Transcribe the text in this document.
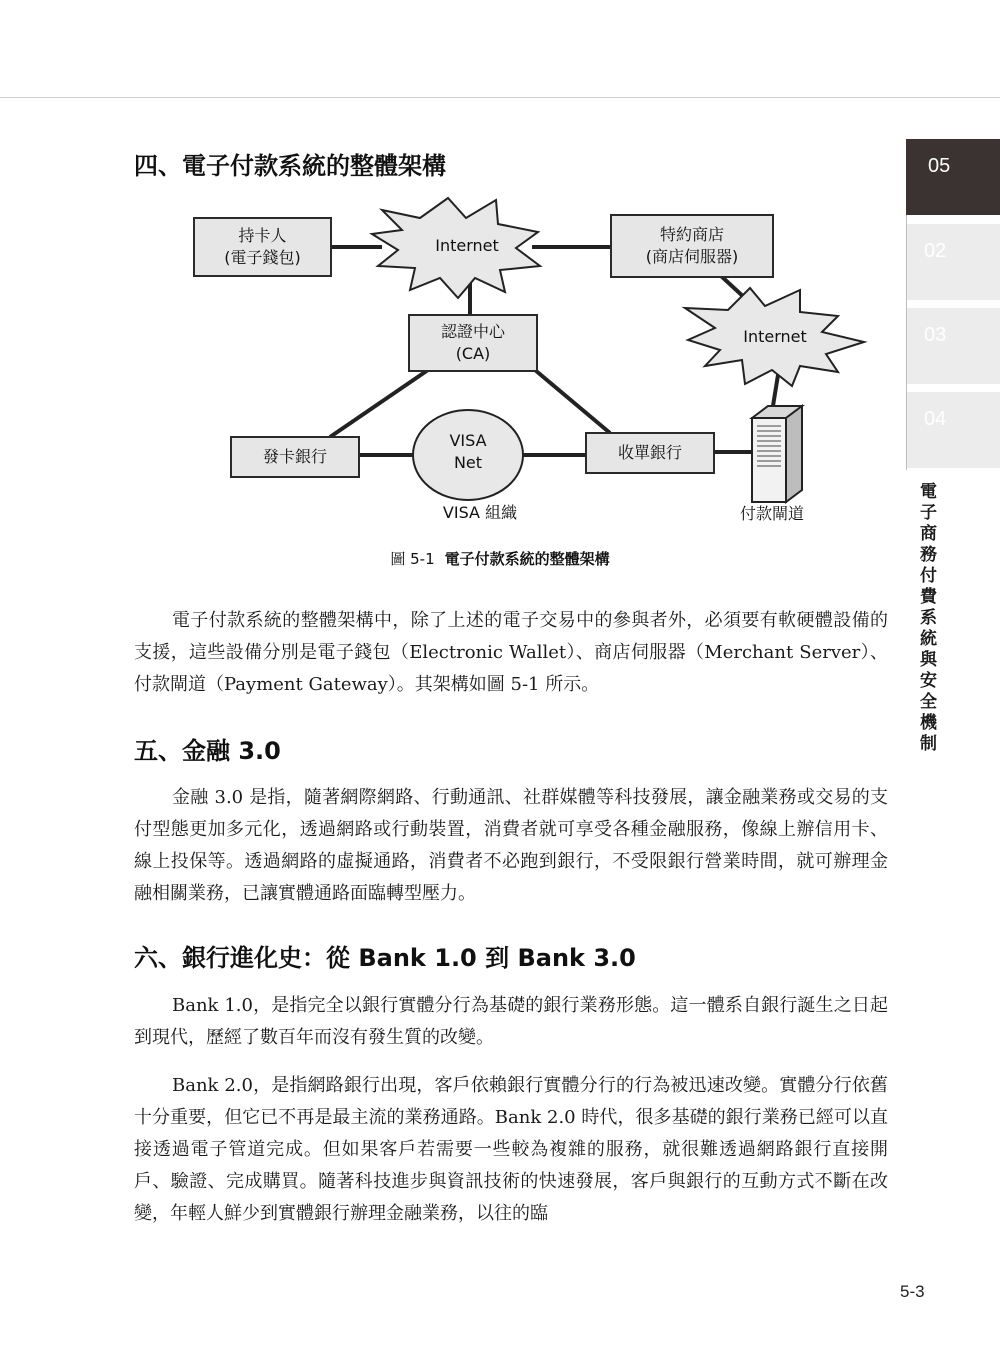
05
02
03
04
電子商務付費系統與安全機制
四、電子付款系統的整體架構
持卡人
(電子錢包)
Internet
特約商店
(商店伺服器)
Internet
認證中心
(CA)
發卡銀行
VISA
Net
收單銀行
VISA 組織	付款閘道
圖 5-1 電子付款系統的整體架構

電子付款系統的整體架構中，除了上述的電子交易中的參與者外，必須要有軟硬體設備的支援，這些設備分別是電子錢包（Electronic Wallet）、商店伺服器（Merchant Server）、付款閘道（Payment Gateway）。其架構如圖 5-1 所示。

五、金融 3.0

金融 3.0 是指，隨著網際網路、行動通訊、社群媒體等科技發展，讓金融業務或交易的支付型態更加多元化，透過網路或行動裝置，消費者就可享受各種金融服務，像線上辦信用卡、線上投保等。透過網路的虛擬通路，消費者不必跑到銀行，不受限銀行營業時間，就可辦理金融相關業務，已讓實體通路面臨轉型壓力。

六、銀行進化史：從 Bank 1.0 到 Bank 3.0

Bank 1.0，是指完全以銀行實體分行為基礎的銀行業務形態。這一體系自銀行誕生之日起到現代，歷經了數百年而沒有發生質的改變。

Bank 2.0，是指網路銀行出現，客戶依賴銀行實體分行的行為被迅速改變。實體分行依舊十分重要，但它已不再是最主流的業務通路。Bank 2.0 時代，很多基礎的銀行業務已經可以直接透過電子管道完成。但如果客戶若需要一些較為複雜的服務，就很難透過網路銀行直接開戶、驗證、完成購買。隨著科技進步與資訊技術的快速發展，客戶與銀行的互動方式不斷在改變，年輕人鮮少到實體銀行辦理金融業務，以往的臨

5-3
